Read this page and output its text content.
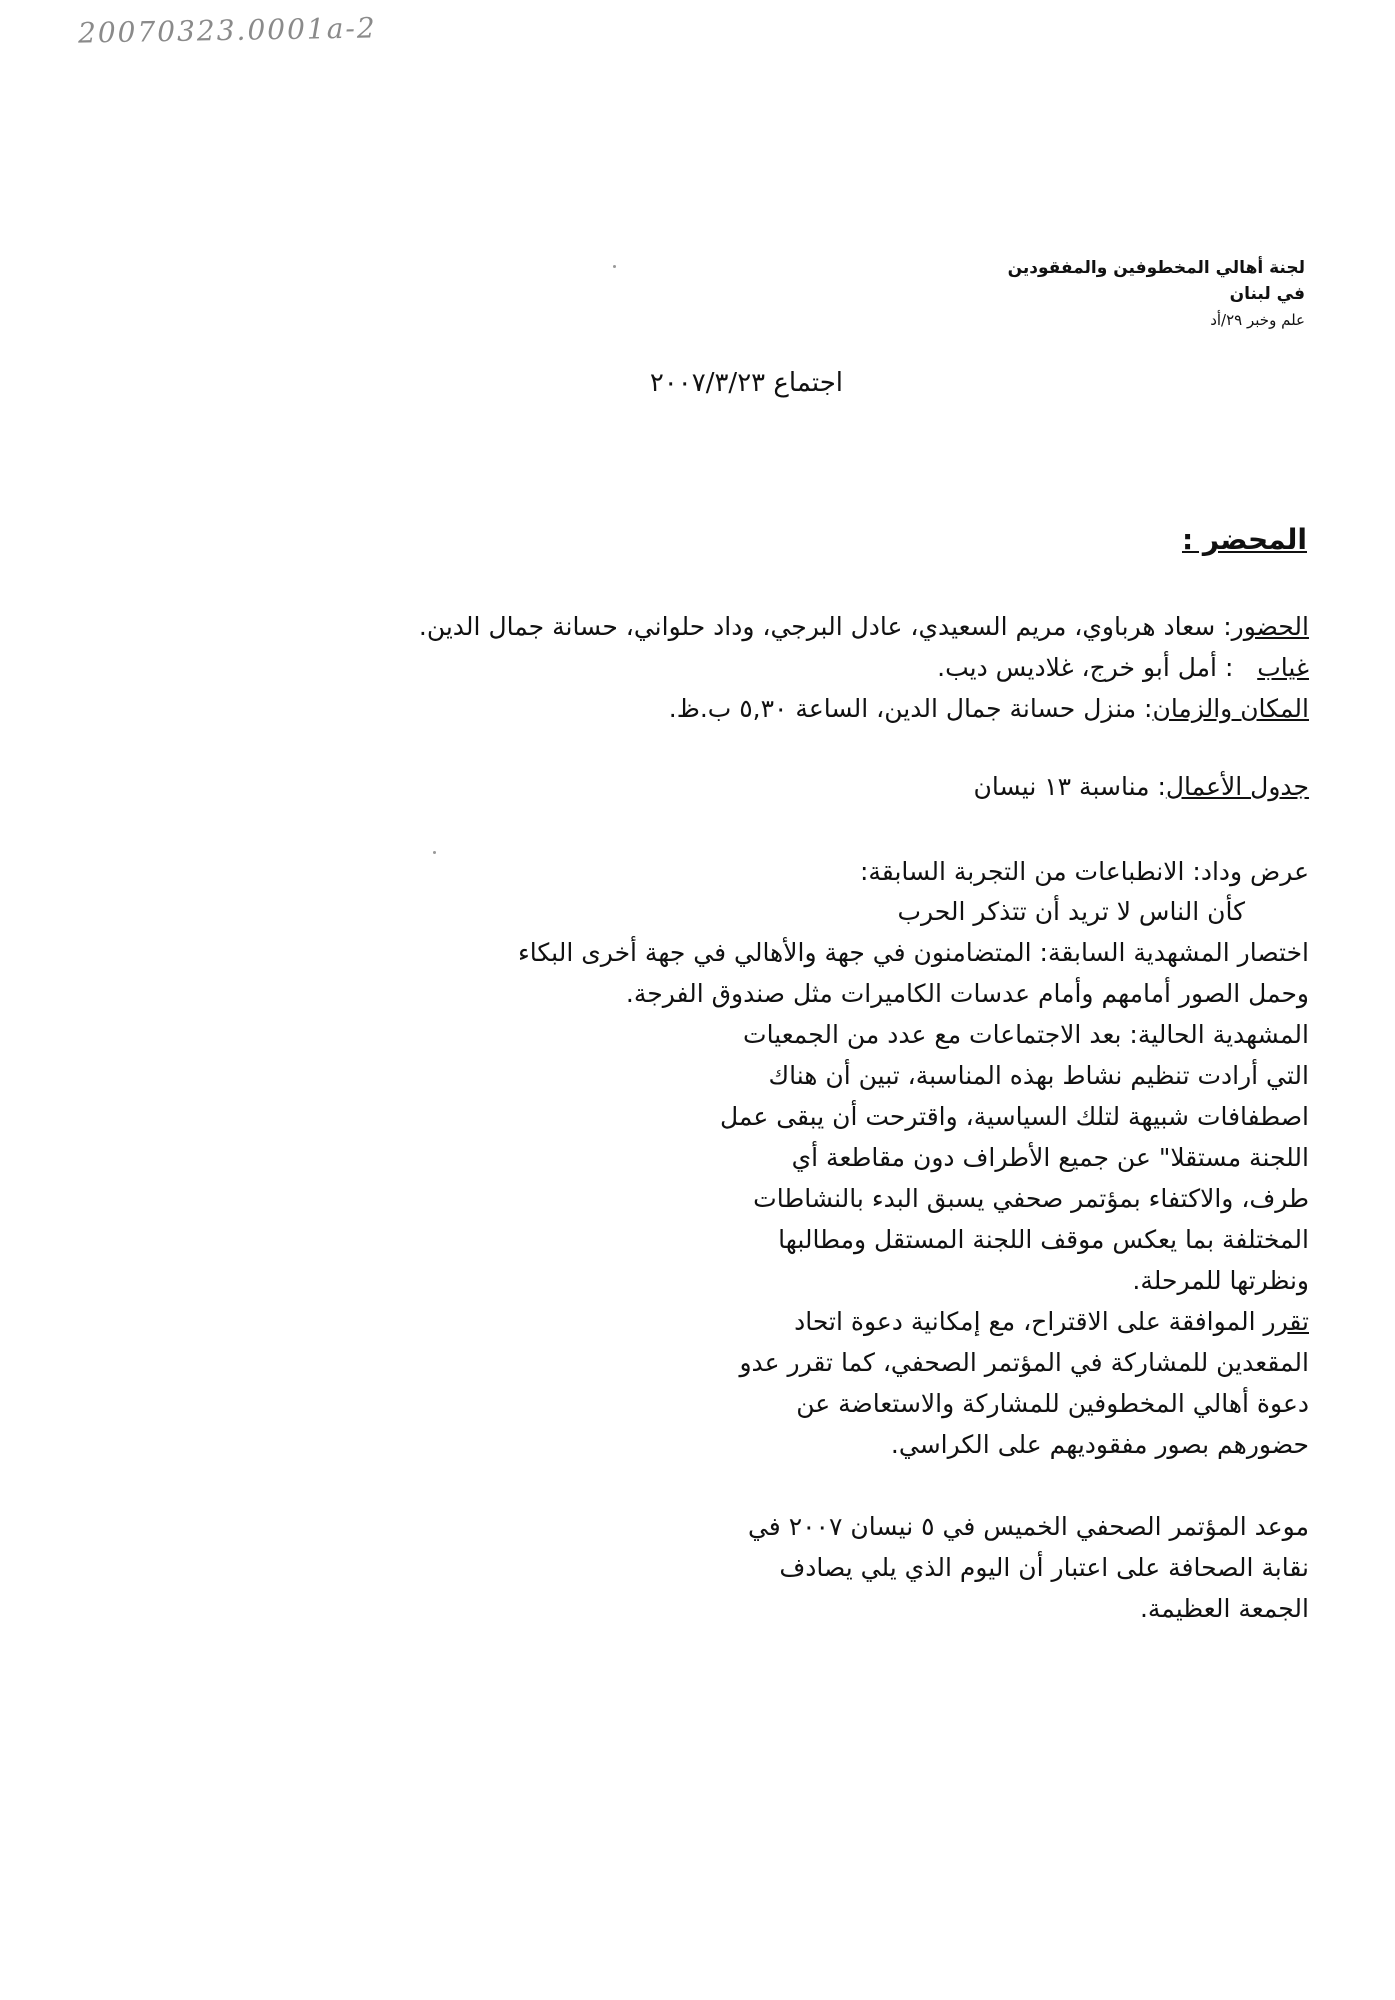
20070323.0001a-2
لجنة أهالي المخطوفين والمفقودين
في لبنان
علم وخبر ٢٩/أد
اجتماع ٢٠٠٧/٣/٢٣
المحضر :
الحضور: سعاد هرباوي، مريم السعيدي، عادل البرجي، وداد حلواني، حسانة جمال الدين.
غياب   : أمل أبو خرج، غلاديس ديب.
المكان والزمان: منزل حسانة جمال الدين، الساعة ٥,٣٠ ب.ظ.
جدول الأعمال: مناسبة ١٣ نيسان
عرض وداد: الانطباعات من التجربة السابقة:
كأن الناس لا تريد أن تتذكر الحرب
اختصار المشهدية السابقة: المتضامنون في جهة والأهالي في جهة أخرى البكاء
وحمل الصور أمامهم وأمام عدسات الكاميرات مثل صندوق الفرجة.
المشهدية الحالية: بعد الاجتماعات مع عدد من الجمعيات
التي أرادت تنظيم نشاط بهذه المناسبة، تبين أن هناك
اصطفافات شبيهة لتلك السياسية، واقترحت أن يبقى عمل
اللجنة مستقلا" عن جميع الأطراف دون مقاطعة أي
طرف، والاكتفاء بمؤتمر صحفي يسبق البدء بالنشاطات
المختلفة بما يعكس موقف اللجنة المستقل ومطالبها
ونظرتها للمرحلة.
تقرر الموافقة على الاقتراح، مع إمكانية دعوة اتحاد
المقعدين للمشاركة في المؤتمر الصحفي، كما تقرر عدو
دعوة أهالي المخطوفين للمشاركة والاستعاضة عن
حضورهم بصور مفقوديهم على الكراسي.
موعد المؤتمر الصحفي الخميس في ٥ نيسان ٢٠٠٧ في
نقابة الصحافة على اعتبار أن اليوم الذي يلي يصادف
الجمعة العظيمة.
